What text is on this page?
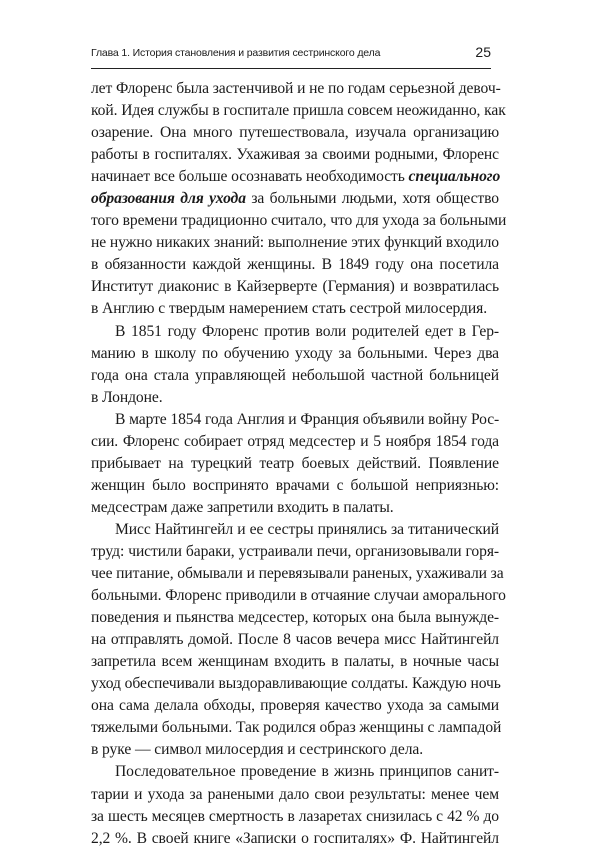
Глава 1. История становления и развития сестринского дела	25
лет Флоренс была застенчивой и не по годам серьезной девоч-
кой. Идея службы в госпитале пришла совсем неожиданно, как
озарение. Она много путешествовала, изучала организацию
работы в госпиталях. Ухаживая за своими родными, Флоренс
начинает все больше осознавать необходимость специального
образования для ухода за больными людьми, хотя общество
того времени традиционно считало, что для ухода за больными
не нужно никаких знаний: выполнение этих функций входило
в обязанности каждой женщины. В 1849 году она посетила
Институт диаконис в Кайзерверте (Германия) и возвратилась
в Англию с твердым намерением стать сестрой милосердия.
В 1851 году Флоренс против воли родителей едет в Гер-
манию в школу по обучению уходу за больными. Через два
года она стала управляющей небольшой частной больницей
в Лондоне.
В марте 1854 года Англия и Франция объявили войну Рос-
сии. Флоренс собирает отряд медсестер и 5 ноября 1854 года
прибывает на турецкий театр боевых действий. Появление
женщин было воспринято врачами с большой неприязнью:
медсестрам даже запретили входить в палаты.
Мисс Найтингейл и ее сестры принялись за титанический
труд: чистили бараки, устраивали печи, организовывали горя-
чее питание, обмывали и перевязывали раненых, ухаживали за
больными. Флоренс приводили в отчаяние случаи аморального
поведения и пьянства медсестер, которых она была вынужде-
на отправлять домой. После 8 часов вечера мисс Найтингейл
запретила всем женщинам входить в палаты, в ночные часы
уход обеспечивали выздоравливающие солдаты. Каждую ночь
она сама делала обходы, проверяя качество ухода за самыми
тяжелыми больными. Так родился образ женщины с лампадой
в руке — символ милосердия и сестринского дела.
Последовательное проведение в жизнь принципов санит-
тарии и ухода за ранеными дало свои результаты: менее чем
за шесть месяцев смертность в лазаретах снизилась с 42 % до
2,2 %. В своей книге «Записки о госпиталях» Ф. Найтингейл
